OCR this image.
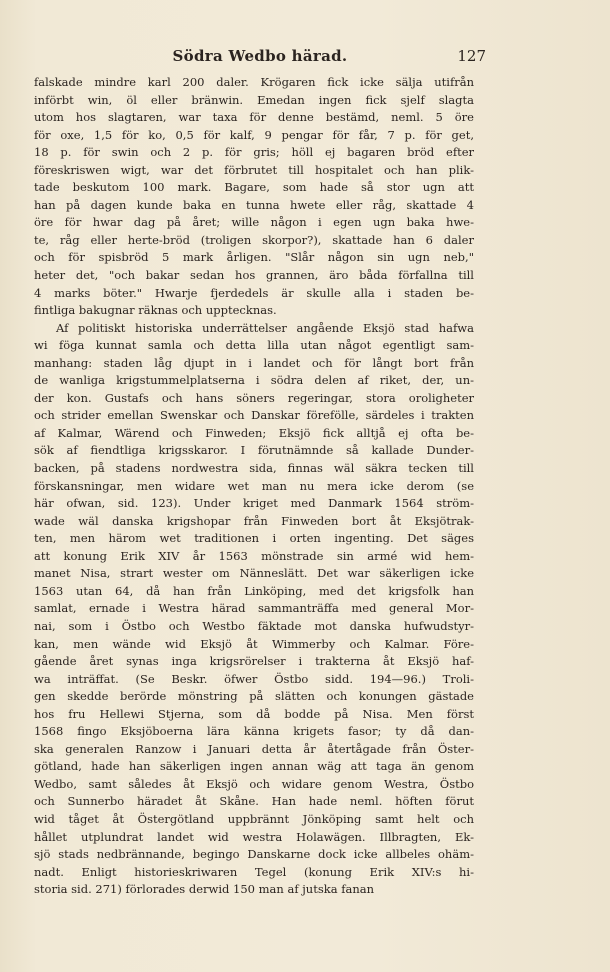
Södra Wedbo härad.	127
falskade mindre karl 200 daler. Krögaren fick icke sälja utifrån
införbt win, öl eller bränwin. Emedan ingen fick sjelf slagta
utom hos slagtaren, war taxa för denne bestämd, neml. 5 öre
för oxe, 1,5 för ko, 0,5 för kalf, 9 pengar för får, 7 p. för get,
18 p. för swin och 2 p. för gris; höll ej bagaren bröd efter
föreskriswen wigt, war det förbrutet till hospitalet och han plik-
tade beskutom 100 mark. Bagare, som hade så stor ugn att
han på dagen kunde baka en tunna hwete eller råg, skattade 4
öre för hwar dag på året; wille någon i egen ugn baka hwe-
te, råg eller herte-bröd (troligen skorpor?), skattade han 6 daler
och för spisbröd 5 mark årligen. "Slår någon sin ugn neb,"
heter det, "och bakar sedan hos grannen, äro båda förfallna till
4 marks böter." Hwarje fjerdedels är skulle alla i staden be-
fintliga bakugnar räknas och upptecknas.
Af politiskt historiska underrättelser angående Eksjö stad hafwa
wi föga kunnat samla och detta lilla utan något egentligt sam-
manhang: staden låg djupt in i landet och för långt bort från
de wanliga krigstummelplatserna i södra delen af riket, der, un-
der kon. Gustafs och hans söners regeringar, stora oroligheter
och strider emellan Swenskar och Danskar förefölle, särdeles i trakten
af Kalmar, Wärend och Finweden; Eksjö fick alltjå ej ofta be-
sök af fiendtliga krigsskaror. I förutnämnde så kallade Dunder-
backen, på stadens nordwestra sida, finnas wäl säkra tecken till
förskansningar, men widare wet man nu mera icke derom (se
här ofwan, sid. 123). Under kriget med Danmark 1564 ström-
wade wäl danska krigshopar från Finweden bort åt Eksjötrak-
ten, men härom wet traditionen i orten ingenting. Det säges
att konung Erik XIV år 1563 mönstrade sin armé wid hem-
manet Nisa, strart wester om Nänneslätt. Det war säkerligen icke
1563 utan 64, då han från Linköping, med det krigsfolk han
samlat, ernade i Westra härad sammanträffa med general Mor-
nai, som i Östbo och Westbo fäktade mot danska hufwudstyr-
kan, men wände wid Eksjö åt Wimmerby och Kalmar. Före-
gående året synas inga krigsrörelser i trakterna åt Eksjö haf-
wa inträffat. (Se Beskr. öfwer Östbo sidd. 194—96.) Troli-
gen skedde berörde mönstring på slätten och konungen gästade
hos fru Hellewi Stjerna, som då bodde på Nisa. Men först
1568 fingo Eksjöboerna lära känna krigets fasor; ty då dan-
ska generalen Ranzow i Januari detta år återtågade från Öster-
götland, hade han säkerligen ingen annan wäg att taga än genom
Wedbo, samt således åt Eksjö och widare genom Westra, Östbo
och Sunnerbo häradet åt Skåne. Han hade neml. höften förut
wid tåget åt Östergötland uppbrännt Jönköping samt helt och
hållet utplundrat landet wid westra Holawägen. Illbragten, Ek-
sjö stads nedbrännande, begingo Danskarne dock icke allbeles ohäm-
nadt. Enligt historieskriwaren Tegel (konung Erik XIV:s hi-
storia sid. 271) förlorades derwid 150 man af jutska fanan
